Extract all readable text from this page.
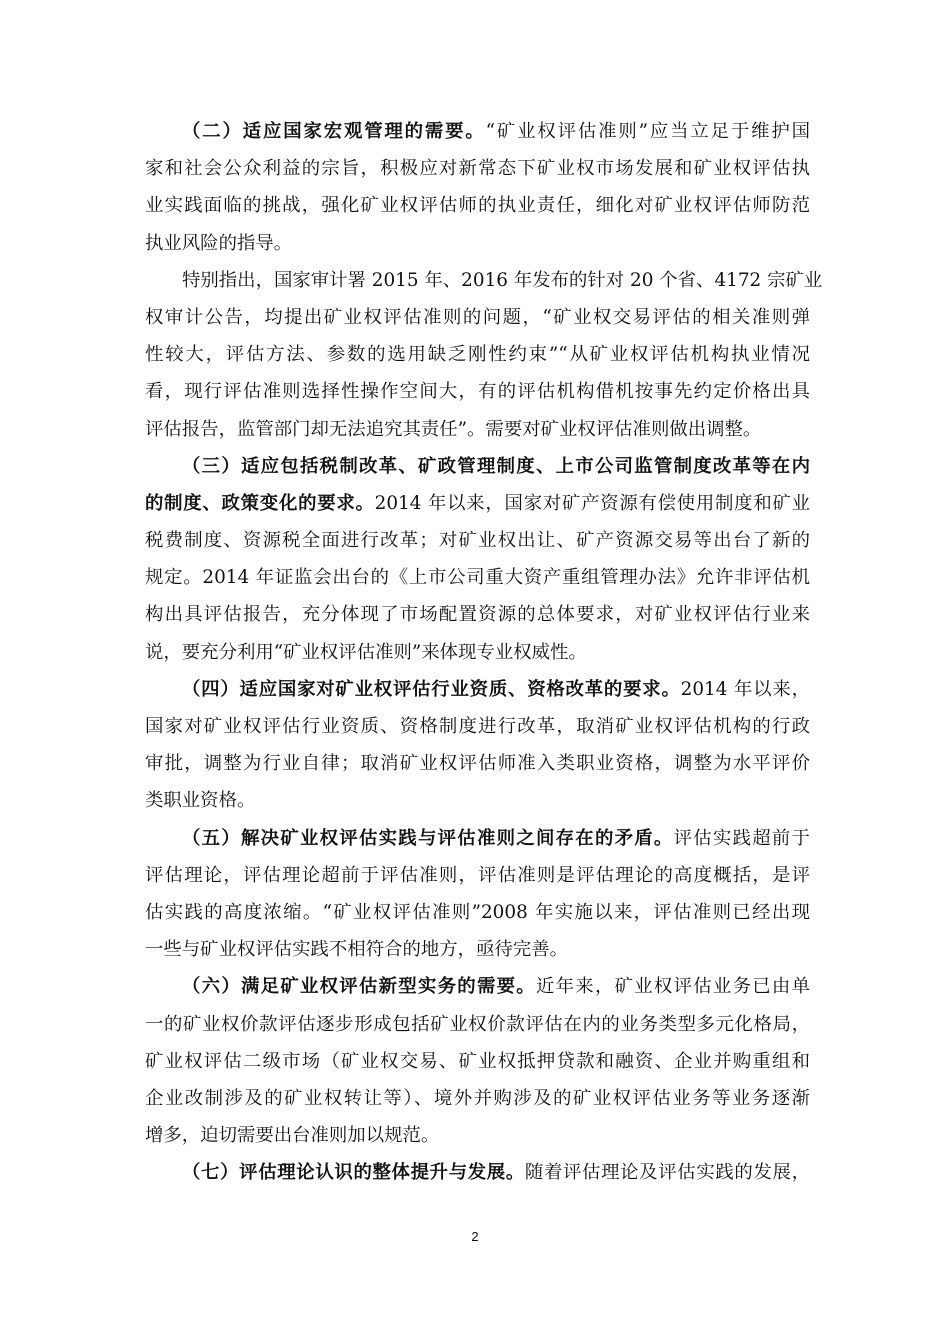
（二）适应国家宏观管理的需要。“矿业权评估准则”应当立足于维护国
家和社会公众利益的宗旨，积极应对新常态下矿业权市场发展和矿业权评估执
业实践面临的挑战，强化矿业权评估师的执业责任，细化对矿业权评估师防范
执业风险的指导。
特别指出，国家审计署 2015 年、2016 年发布的针对 20 个省、4172 宗矿业
权审计公告，均提出矿业权评估准则的问题，“矿业权交易评估的相关准则弹
性较大，评估方法、参数的选用缺乏刚性约束”“从矿业权评估机构执业情况
看，现行评估准则选择性操作空间大，有的评估机构借机按事先约定价格出具
评估报告，监管部门却无法追究其责任”。需要对矿业权评估准则做出调整。
（三）适应包括税制改革、矿政管理制度、上市公司监管制度改革等在内
的制度、政策变化的要求。2014 年以来，国家对矿产资源有偿使用制度和矿业
税费制度、资源税全面进行改革；对矿业权出让、矿产资源交易等出台了新的
规定。2014 年证监会出台的《上市公司重大资产重组管理办法》允许非评估机
构出具评估报告，充分体现了市场配置资源的总体要求，对矿业权评估行业来
说，要充分利用“矿业权评估准则”来体现专业权威性。
（四）适应国家对矿业权评估行业资质、资格改革的要求。2014 年以来，
国家对矿业权评估行业资质、资格制度进行改革，取消矿业权评估机构的行政
审批，调整为行业自律；取消矿业权评估师准入类职业资格，调整为水平评价
类职业资格。
（五）解决矿业权评估实践与评估准则之间存在的矛盾。评估实践超前于
评估理论，评估理论超前于评估准则，评估准则是评估理论的高度概括，是评
估实践的高度浓缩。“矿业权评估准则”2008 年实施以来，评估准则已经出现
一些与矿业权评估实践不相符合的地方，亟待完善。
（六）满足矿业权评估新型实务的需要。近年来，矿业权评估业务已由单
一的矿业权价款评估逐步形成包括矿业权价款评估在内的业务类型多元化格局，
矿业权评估二级市场（矿业权交易、矿业权抵押贷款和融资、企业并购重组和
企业改制涉及的矿业权转让等）、境外并购涉及的矿业权评估业务等业务逐渐
增多，迫切需要出台准则加以规范。
（七）评估理论认识的整体提升与发展。随着评估理论及评估实践的发展，
2
